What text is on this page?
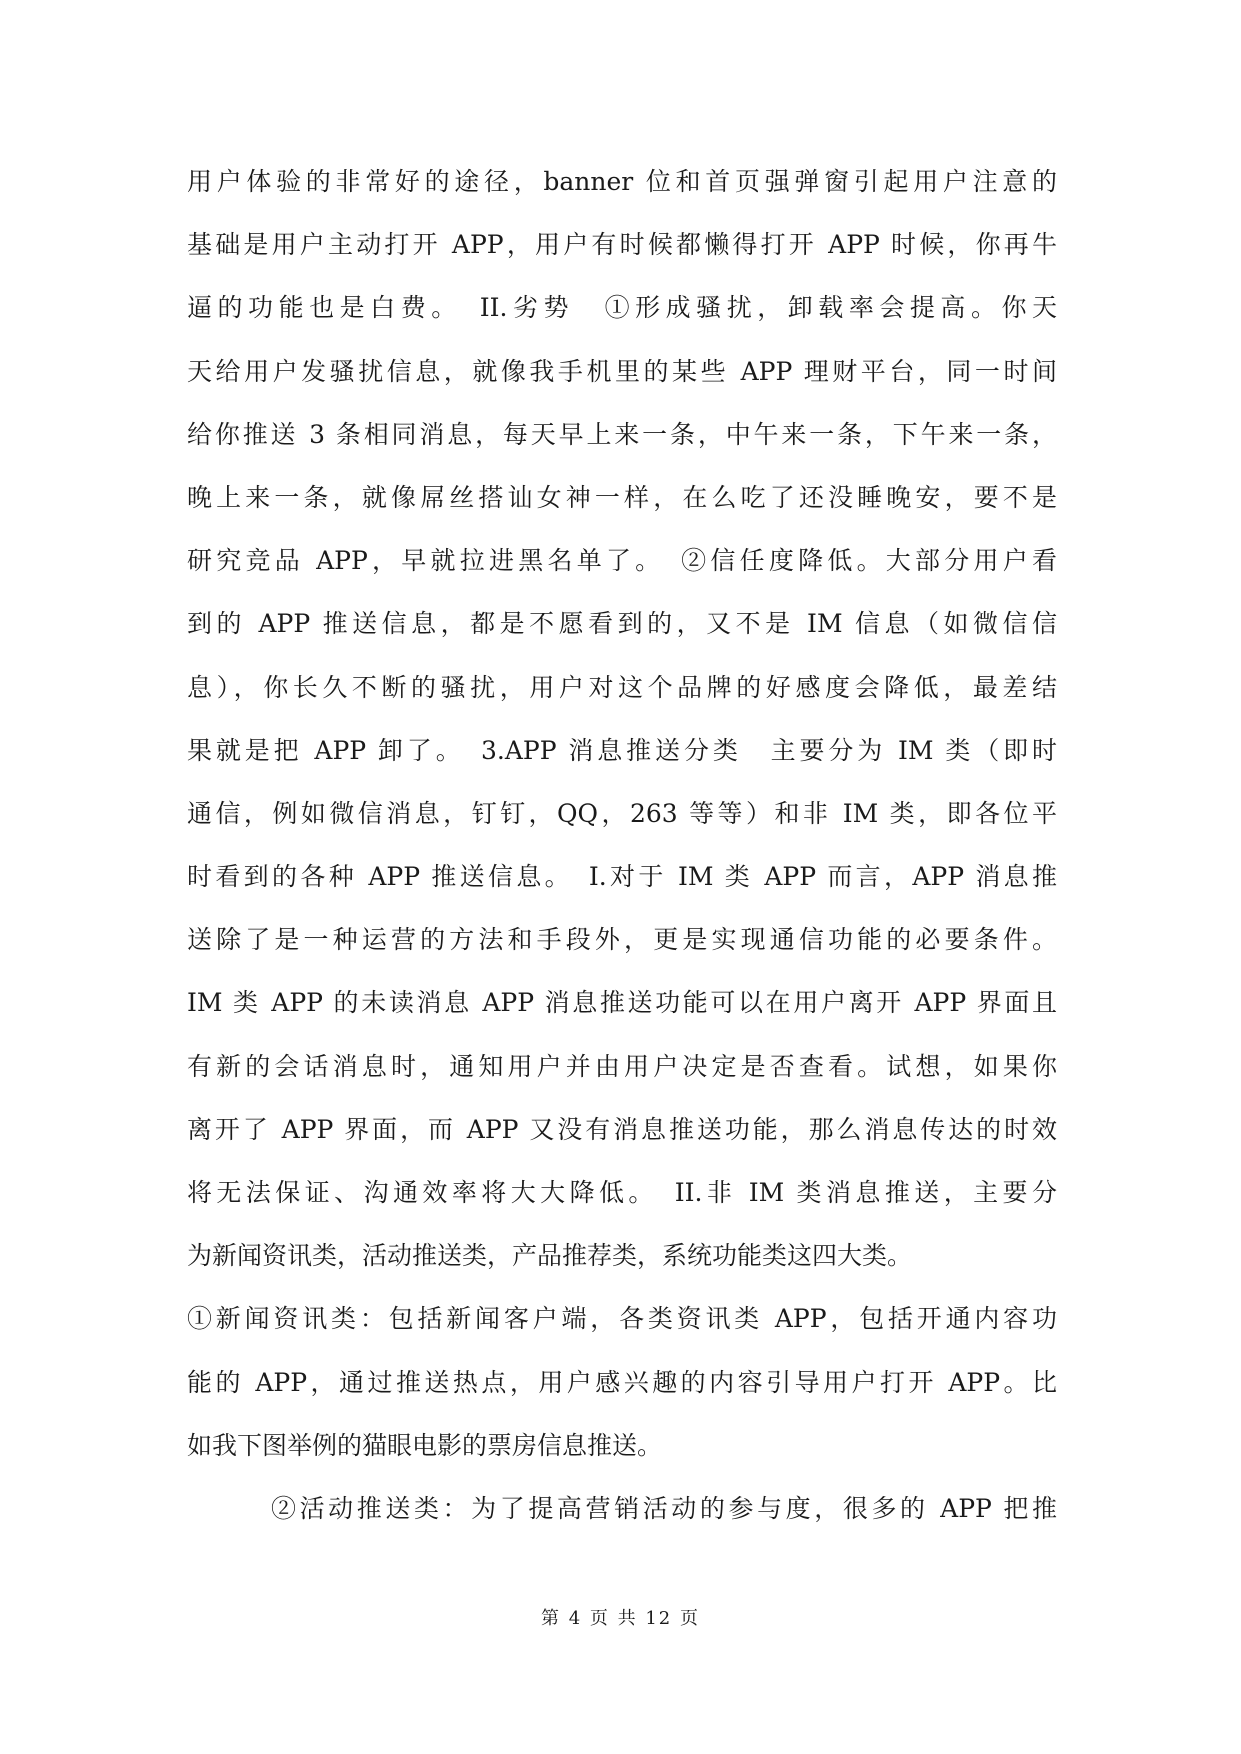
用户体验的非常好的途径，banner 位和首页强弹窗引起用户注意的
基础是用户主动打开 APP，用户有时候都懒得打开 APP 时候，你再牛
逼的功能也是白费。　II.劣势　①形成骚扰，卸载率会提高。你天
天给用户发骚扰信息，就像我手机里的某些 APP 理财平台，同一时间
给你推送 3 条相同消息，每天早上来一条，中午来一条，下午来一条，
晚上来一条，就像屌丝搭讪女神一样，在么吃了还没睡晚安，要不是
研究竞品 APP，早就拉进黑名单了。　②信任度降低。大部分用户看
到的 APP 推送信息，都是不愿看到的，又不是 IM 信息（如微信信
息），你长久不断的骚扰，用户对这个品牌的好感度会降低，最差结
果就是把 APP 卸了。　3.APP 消息推送分类　主要分为 IM 类（即时
通信，例如微信消息，钉钉，QQ，263 等等）和非 IM 类，即各位平
时看到的各种 APP 推送信息。　I.对于 IM 类 APP 而言，APP 消息推
送除了是一种运营的方法和手段外，更是实现通信功能的必要条件。
IM 类 APP 的未读消息 APP 消息推送功能可以在用户离开 APP 界面且
有新的会话消息时，通知用户并由用户决定是否查看。试想，如果你
离开了 APP 界面，而 APP 又没有消息推送功能，那么消息传达的时效
将无法保证、沟通效率将大大降低。　II.非 IM 类消息推送，主要分
为新闻资讯类，活动推送类，产品推荐类，系统功能类这四大类。
①新闻资讯类：包括新闻客户端，各类资讯类 APP，包括开通内容功
能的 APP，通过推送热点，用户感兴趣的内容引导用户打开 APP。比
如我下图举例的猫眼电影的票房信息推送。
②活动推送类：为了提高营销活动的参与度，很多的 APP 把推
第 4 页 共 12 页
